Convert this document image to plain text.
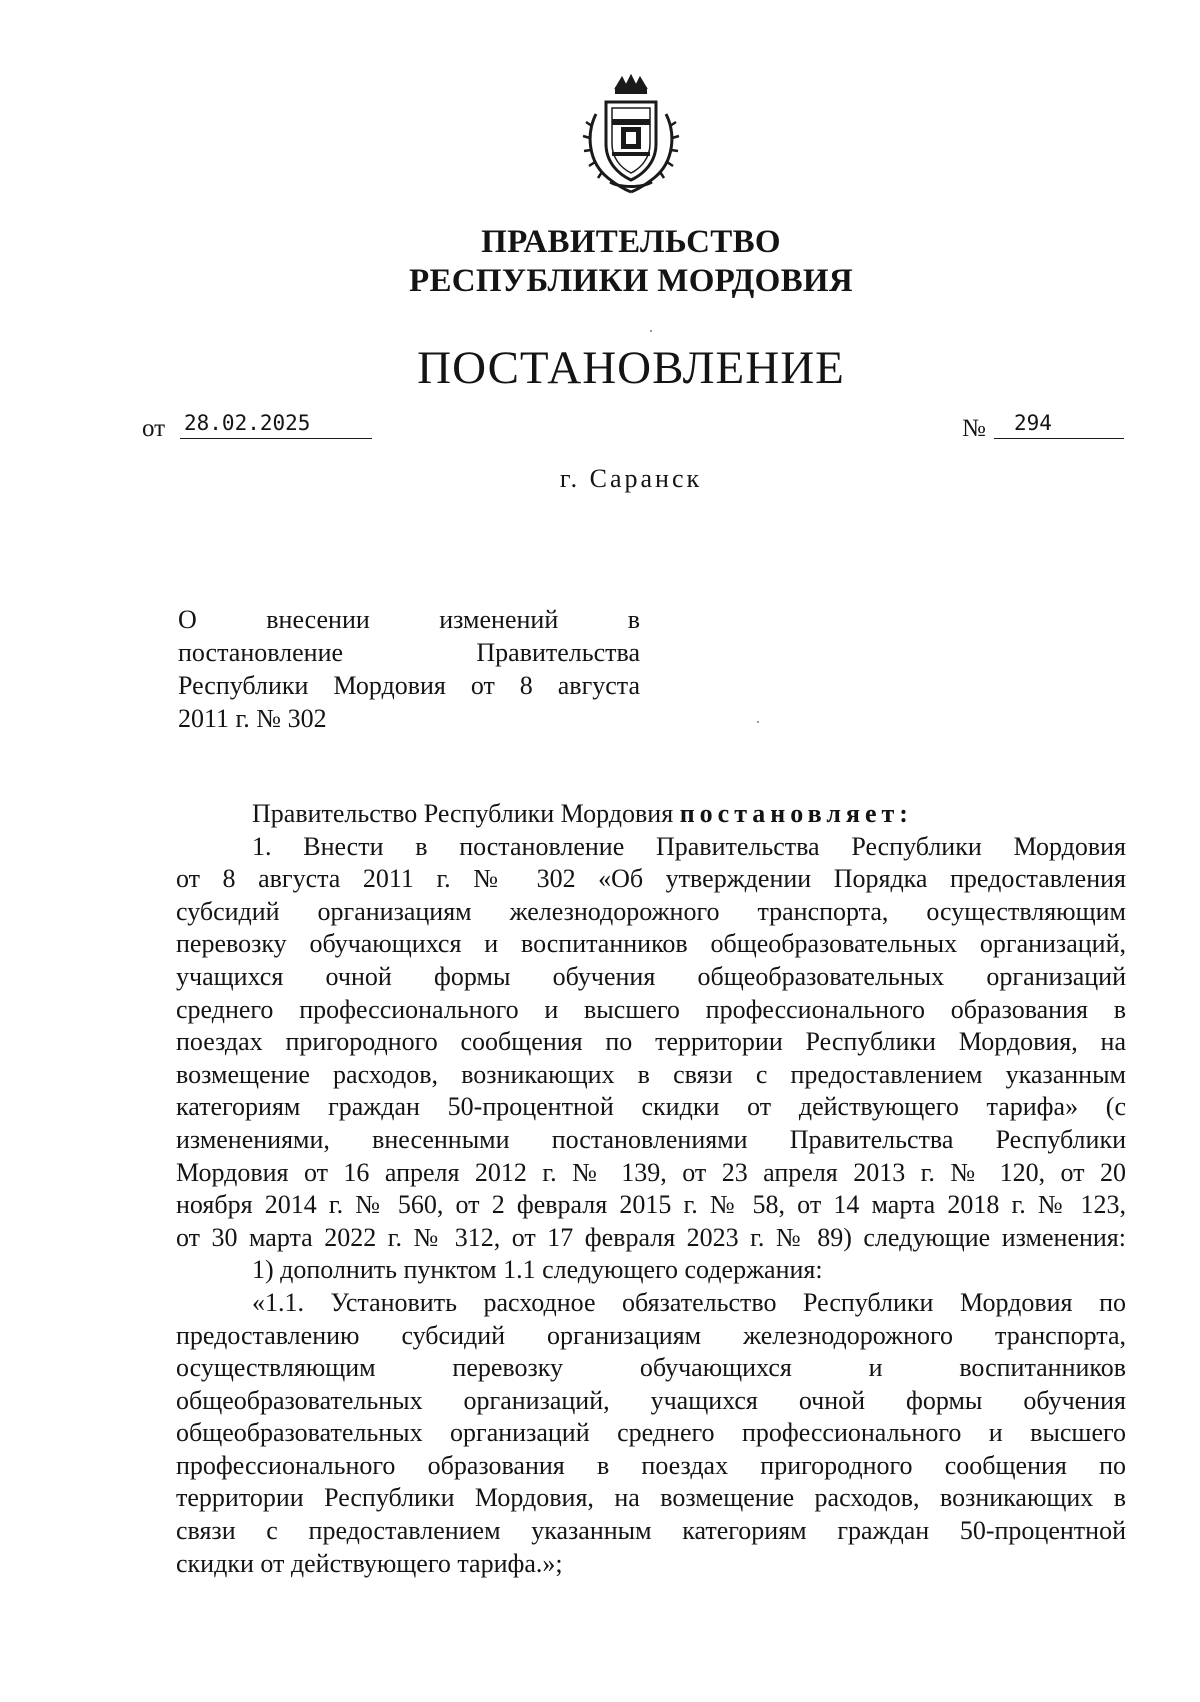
ПРАВИТЕЛЬСТВО
РЕСПУБЛИКИ МОРДОВИЯ
ПОСТАНОВЛЕНИЕ
от 28.02.2025	№	294
г. Саранск
О внесении изменений в
постановление Правительства
Республики Мордовия от 8 августа
2011 г. № 302
Правительство Республики Мордовия постановляет:
1. Внести в постановление Правительства Республики Мордовия
от 8 августа 2011 г. № 302 «Об утверждении Порядка предоставления
субсидий организациям железнодорожного транспорта, осуществляющим
перевозку обучающихся и воспитанников общеобразовательных организаций,
учащихся очной формы обучения общеобразовательных организаций
среднего профессионального и высшего профессионального образования в
поездах пригородного сообщения по территории Республики Мордовия, на
возмещение расходов, возникающих в связи с предоставлением указанным
категориям граждан 50-процентной скидки от действующего тарифа» (с
изменениями, внесенными постановлениями Правительства Республики
Мордовия от 16 апреля 2012 г. № 139, от 23 апреля 2013 г. № 120, от 20
ноября 2014 г. № 560, от 2 февраля 2015 г. № 58, от 14 марта 2018 г. № 123,
от 30 марта 2022 г. № 312, от 17 февраля 2023 г. № 89) следующие изменения:
1) дополнить пунктом 1.1 следующего содержания:
«1.1. Установить расходное обязательство Республики Мордовия по
предоставлению субсидий организациям железнодорожного транспорта,
осуществляющим перевозку обучающихся и воспитанников
общеобразовательных организаций, учащихся очной формы обучения
общеобразовательных организаций среднего профессионального и высшего
профессионального образования в поездах пригородного сообщения по
территории Республики Мордовия, на возмещение расходов, возникающих в
связи с предоставлением указанным категориям граждан 50-процентной
скидки от действующего тарифа.»;
